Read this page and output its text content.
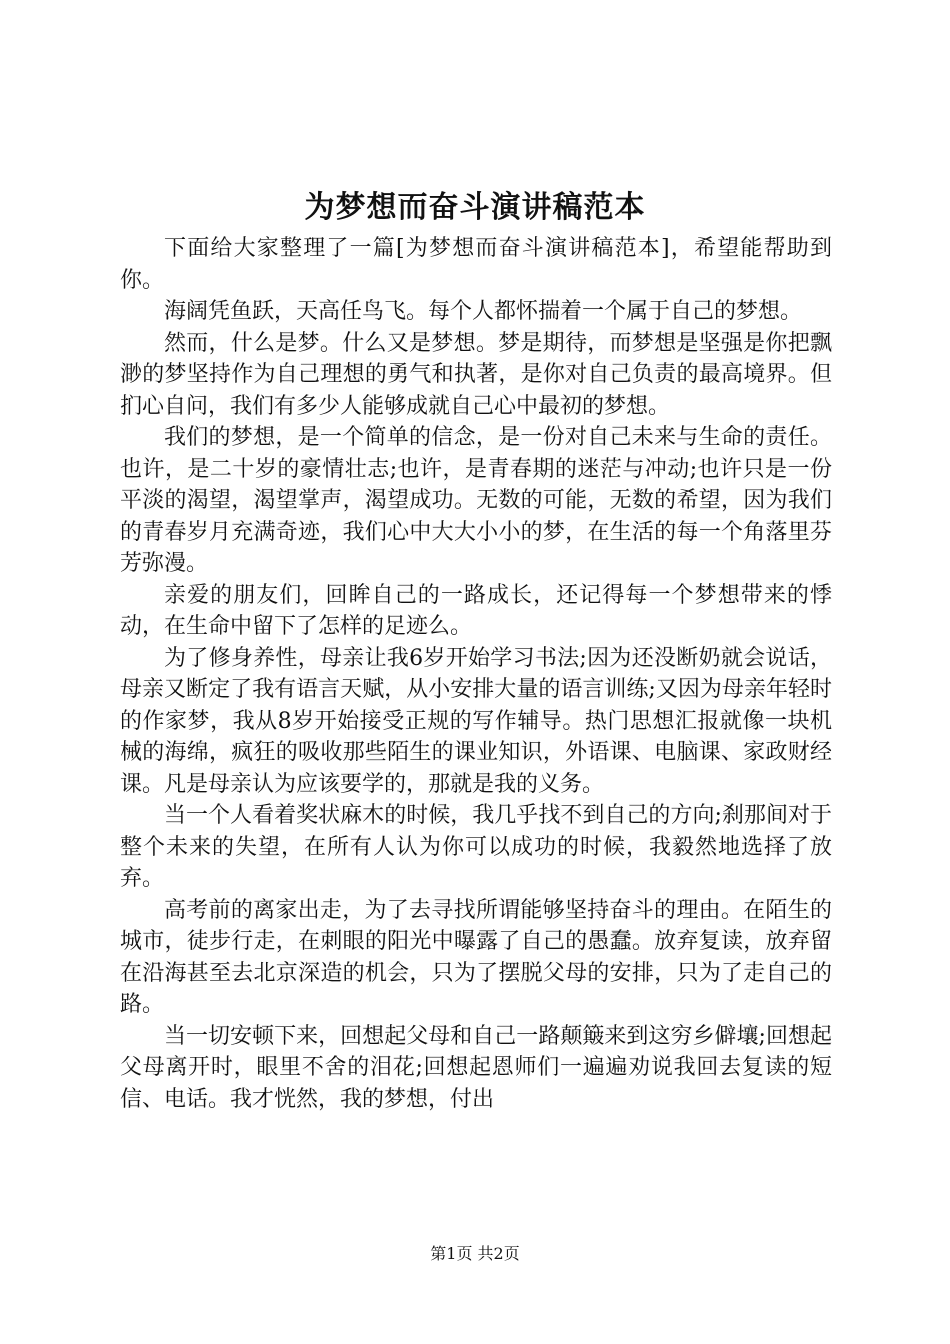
为梦想而奋斗演讲稿范本

下面给大家整理了一篇[为梦想而奋斗演讲稿范本]，希望能帮助到你。

海阔凭鱼跃，天高任鸟飞。每个人都怀揣着一个属于自己的梦想。

然而，什么是梦。什么又是梦想。梦是期待，而梦想是坚强是你把飘渺的梦坚持作为自己理想的勇气和执著，是你对自己负责的最高境界。但扪心自问，我们有多少人能够成就自己心中最初的梦想。

我们的梦想，是一个简单的信念，是一份对自己未来与生命的责任。也许，是二十岁的豪情壮志;也许，是青春期的迷茫与冲动;也许只是一份平淡的渴望，渴望掌声，渴望成功。无数的可能，无数的希望，因为我们的青春岁月充满奇迹，我们心中大大小小的梦，在生活的每一个角落里芬芳弥漫。

亲爱的朋友们，回眸自己的一路成长，还记得每一个梦想带来的悸动，在生命中留下了怎样的足迹么。

为了修身养性，母亲让我6岁开始学习书法;因为还没断奶就会说话，母亲又断定了我有语言天赋，从小安排大量的语言训练;又因为母亲年轻时的作家梦，我从8岁开始接受正规的写作辅导。热门思想汇报就像一块机械的海绵，疯狂的吸收那些陌生的课业知识，外语课、电脑课、家政财经课。凡是母亲认为应该要学的，那就是我的义务。

当一个人看着奖状麻木的时候，我几乎找不到自己的方向;刹那间对于整个未来的失望，在所有人认为你可以成功的时候，我毅然地选择了放弃。

高考前的离家出走，为了去寻找所谓能够坚持奋斗的理由。在陌生的城市，徒步行走，在刺眼的阳光中曝露了自己的愚蠢。放弃复读，放弃留在沿海甚至去北京深造的机会，只为了摆脱父母的安排，只为了走自己的路。

当一切安顿下来，回想起父母和自己一路颠簸来到这穷乡僻壤;回想起父母离开时，眼里不舍的泪花;回想起恩师们一遍遍劝说我回去复读的短信、电话。我才恍然，我的梦想，付出

第1页 共2页
